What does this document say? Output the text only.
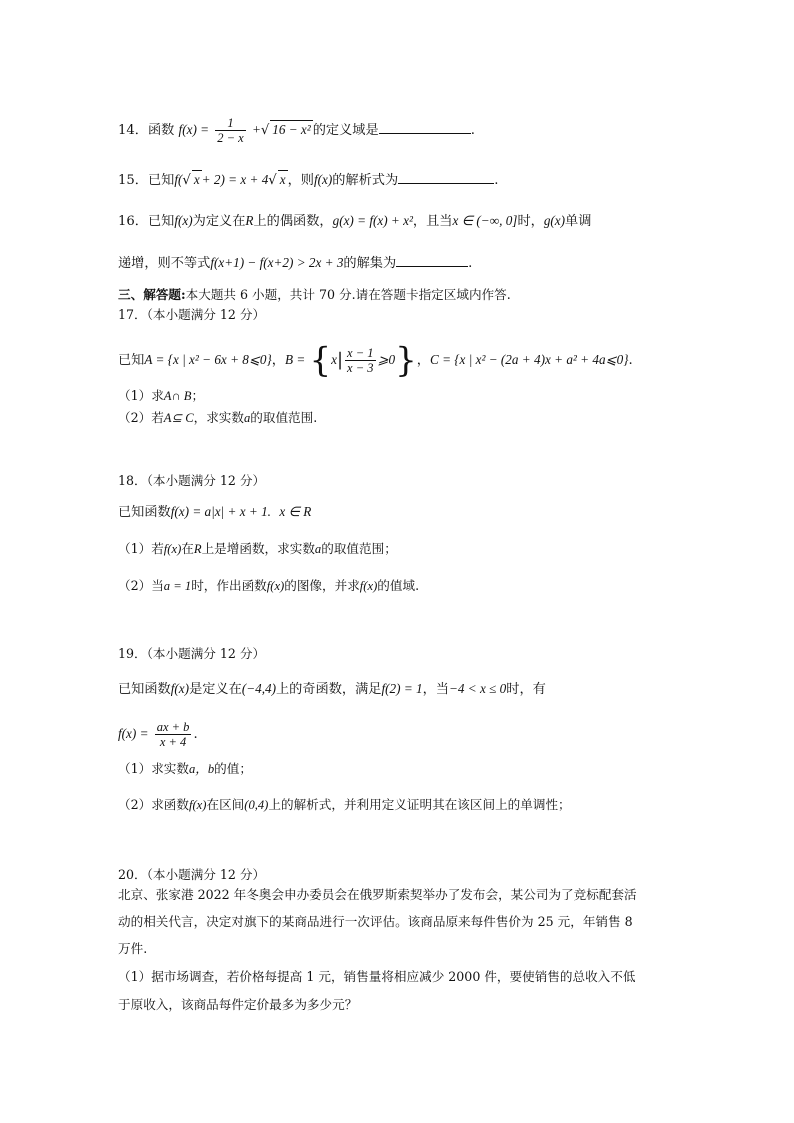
14．函数 $f(x) = \frac{1}{2 - x}$ +√ 16 − x² 的定义域是	.
15．已知f(√ x + 2) = x + 4√ x ，则f(x)的解析式为	.
16．已知f(x)为定义在R上的偶函数，g(x) = f(x) + x²，且当x ∈ (−∞, 0]时，g(x)单调
递增，则不等式f(x+1) − f(x+2) > 2x + 3的解集为	.
三、解答题:本大题共 6 小题，共计 70 分.请在答题卡指定区域内作答.
17．（本小题满分 12 分）
已知A = {x | x² − 6x + 8⩽0}，$B = \{x| \frac{x - 1}{x - 3}$ ⩾0}，C = {x | x² − (2a + 4)x + a² + 4a⩽0}.
（1）求A∩ B；
（2）若A⊆ C，求实数a的取值范围.
18．（本小题满分 12 分）
已知函数f(x) = a|x| + x + 1. x ∈ R
（1）若f(x)在R上是增函数，求实数a的取值范围；
（2）当a = 1时，作出函数f(x)的图像，并求f(x)的值域.
19．（本小题满分 12 分）
已知函数f(x)是定义在(−4,4)上的奇函数，满足f(2) = 1，当−4 < x ≤ 0时，有
$f(x) = \frac{ax + b}{x + 4}$ .
（1）求实数a，b的值；
（2）求函数f(x)在区间(0,4)上的解析式，并利用定义证明其在该区间上的单调性；
20．（本小题满分 12 分）
北京、张家港 2022 年冬奥会申办委员会在俄罗斯索契举办了发布会，某公司为了竞标配套活
动的相关代言，决定对旗下的某商品进行一次评估。该商品原来每件售价为 25 元，年销售 8
万件.
（1）据市场调查，若价格每提高 1 元，销售量将相应减少 2000 件，要使销售的总收入不低
于原收入，该商品每件定价最多为多少元？
